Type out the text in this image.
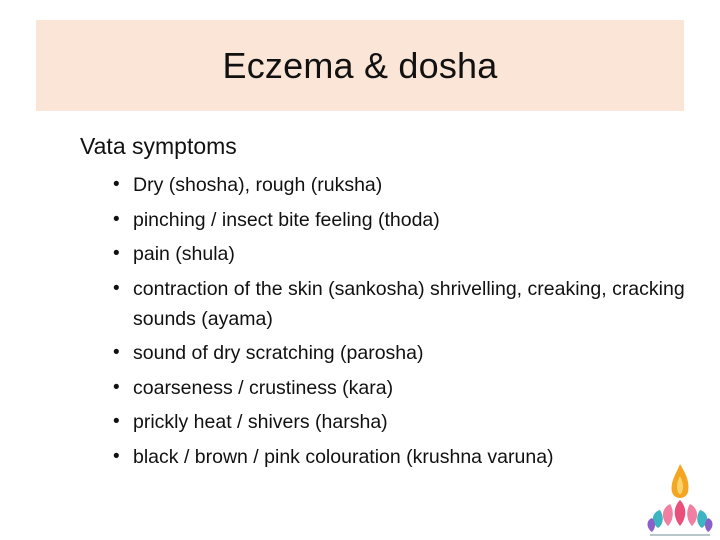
Eczema & dosha
Vata symptoms
• Dry (shosha), rough (ruksha)
• pinching / insect bite feeling (thoda)
• pain (shula)
• contraction of the skin (sankosha) shrivelling, creaking, cracking sounds (ayama)
• sound of dry scratching (parosha)
• coarseness / crustiness (kara)
• prickly heat / shivers (harsha)
• black / brown / pink colouration (krushna varuna)
